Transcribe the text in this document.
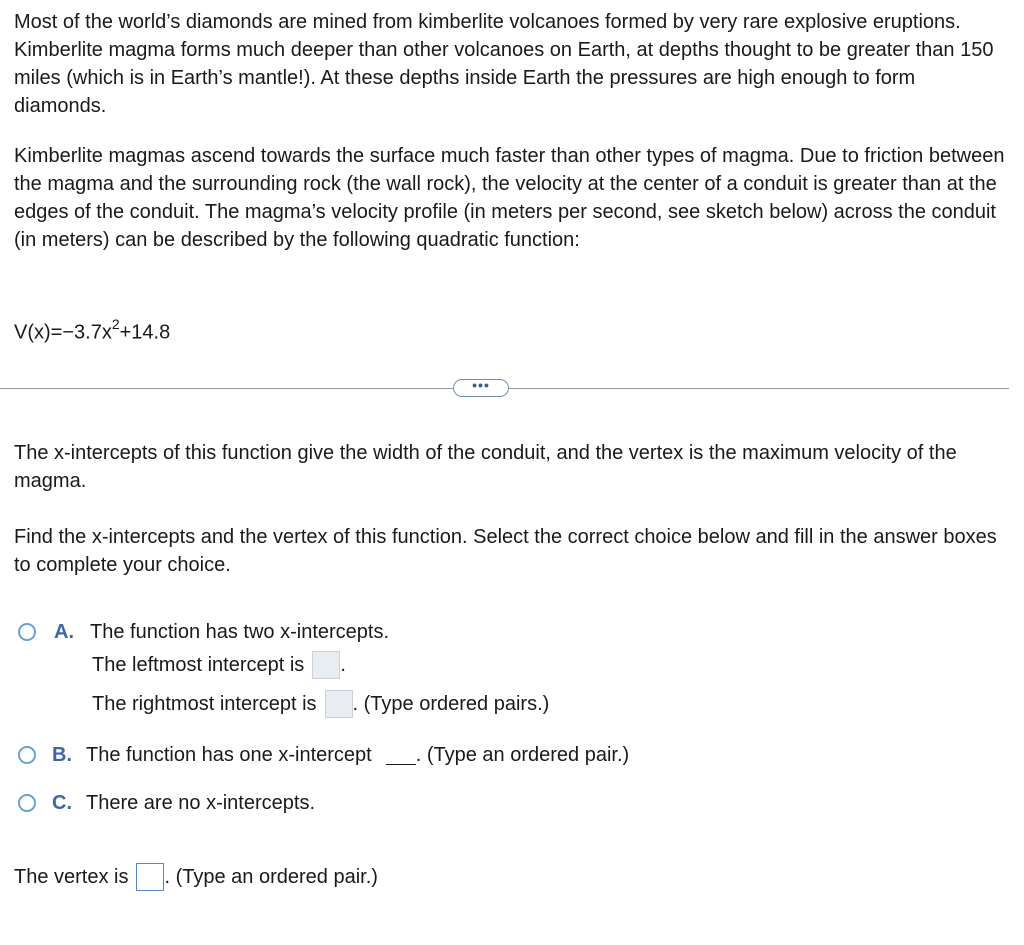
Most of the world’s diamonds are mined from kimberlite volcanoes formed by very rare explosive eruptions. Kimberlite magma forms much deeper than other volcanoes on Earth, at depths thought to be greater than 150 miles (which is in Earth’s mantle!). At these depths inside Earth the pressures are high enough to form diamonds.

Kimberlite magmas ascend towards the surface much faster than other types of magma. Due to friction between the magma and the surrounding rock (the wall rock), the velocity at the center of a conduit is greater than at the edges of the conduit. The magma’s velocity profile (in meters per second, see sketch below) across the conduit (in meters) can be described by the following quadratic function:

$V(x)=-3.7x^2+14.8$
•••

The x-intercepts of this function give the width of the conduit, and the vertex is the maximum velocity of the magma.

Find the x-intercepts and the vertex of this function. Select the correct choice below and fill in the answer boxes to complete your choice.

A. The function has two x-intercepts.
The leftmost intercept is .
The rightmost intercept is . (Type ordered pairs.)
B. The function has one x-intercept . (Type an ordered pair.)
C. There are no x-intercepts.
The vertex is . (Type an ordered pair.)
